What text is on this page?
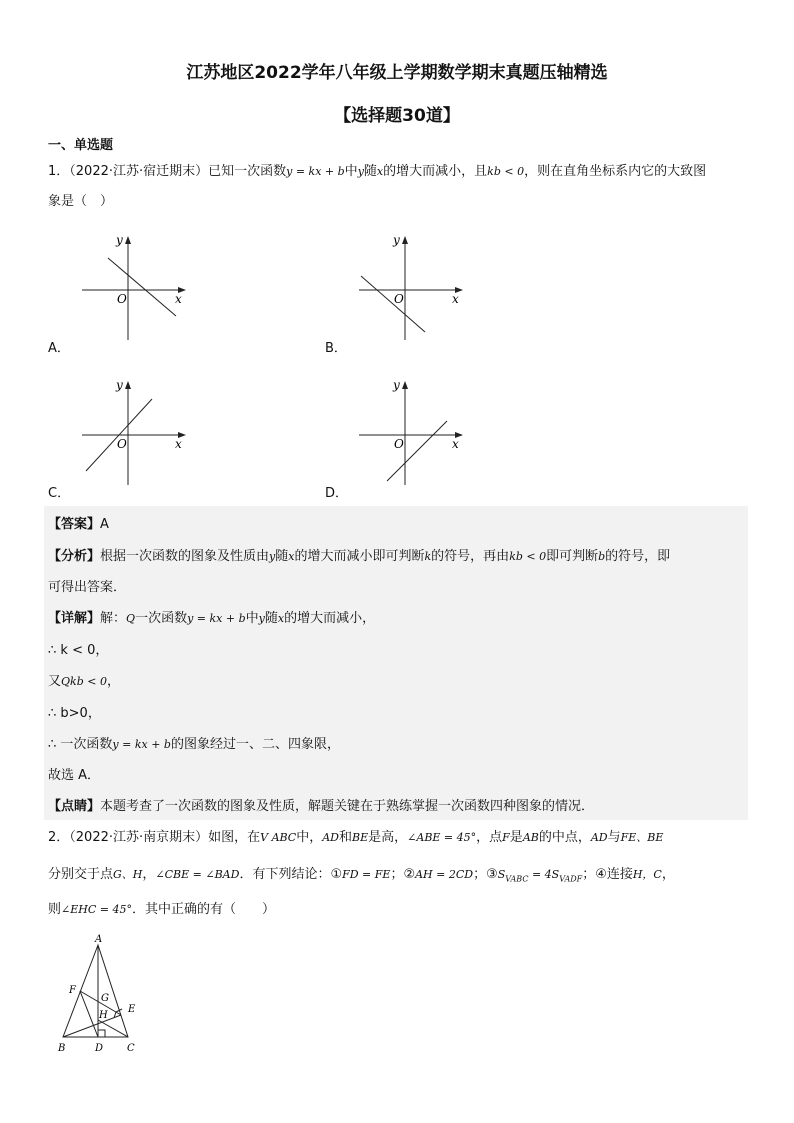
江苏地区2022学年八年级上学期数学期末真题压轴精选
【选择题30道】
一、单选题
1．（2022·江苏·宿迁期末）已知一次函数y = kx + b中y随x的增大而减小，且kb < 0，则在直角坐标系内它的大致图
象是（　）
y
x
O
A．
y
x
O
B．
y
x
O
C．
y
x
O
D．
【答案】A
【分析】根据一次函数的图象及性质由y随x的增大而减小即可判断k的符号，再由kb < 0即可判断b的符号，即
可得出答案．
【详解】解：Q一次函数y = kx + b中y随x的增大而减小，
∴ k < 0，
又Qkb < 0，
∴ b>0，
∴ 一次函数y = kx + b的图象经过一、二、四象限，
故选 A．
【点睛】本题考查了一次函数的图象及性质，解题关键在于熟练掌握一次函数四种图象的情况．
2．（2022·江苏·南京期末）如图，在V ABC中，AD和BE是高，∠ABE = 45°，点F是AB的中点，AD与FE、BE
分别交于点G、H，∠CBE = ∠BAD．有下列结论：①FD = FE；②AH = 2CD；$③S_{VABC} = 4S_{VADF}$；④连接H，C，
则∠EHC = 45°．其中正确的有（　　）
A
F
G
H
E
B	D C
